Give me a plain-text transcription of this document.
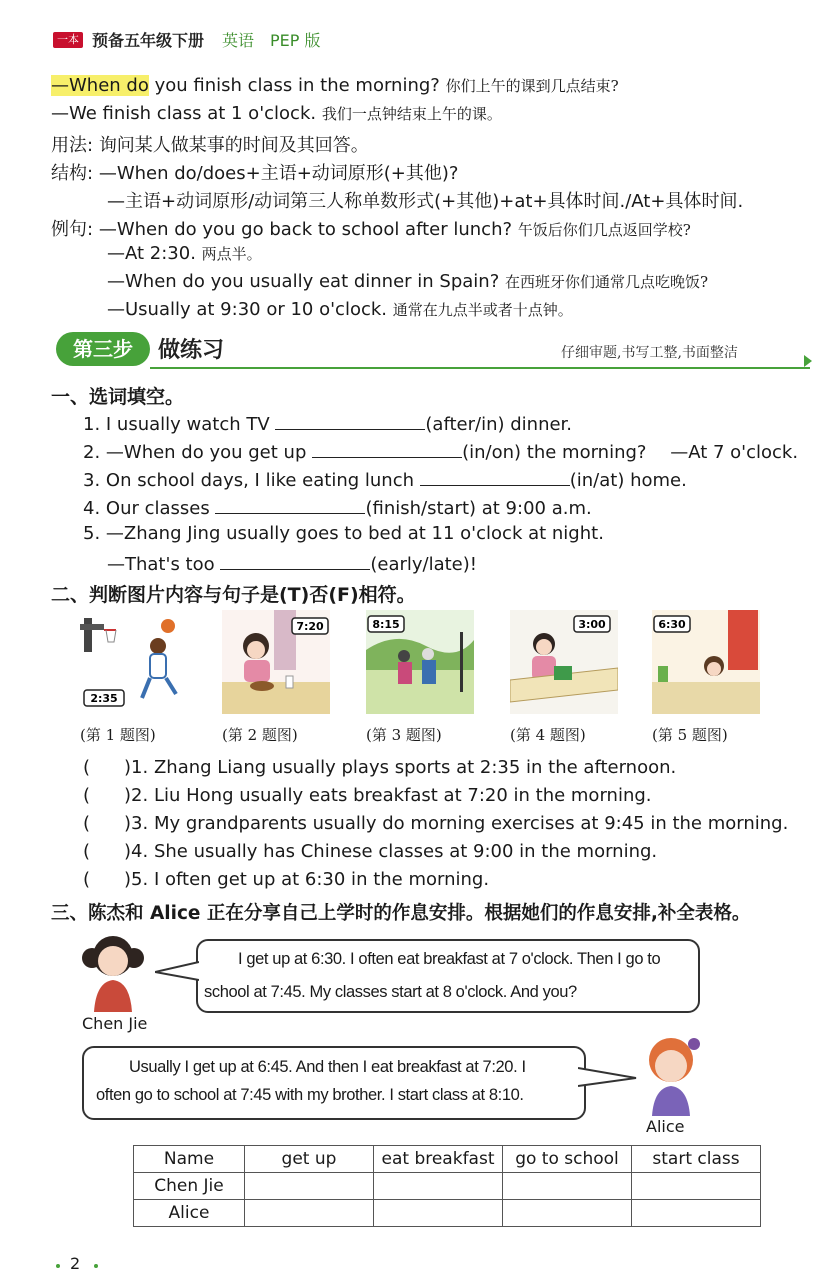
一本 预备五年级下册 英语 PEP 版
—When do you finish class in the morning? 你们上午的课到几点结束?
—We finish class at 1 o'clock. 我们一点钟结束上午的课。
用法: 询问某人做某事的时间及其回答。
结构: —When do/does+主语+动词原形(+其他)?
—主语+动词原形/动词第三人称单数形式(+其他)+at+具体时间./At+具体时间.
例句: —When do you go back to school after lunch? 午饭后你们几点返回学校?
—At 2:30. 两点半。
—When do you usually eat dinner in Spain? 在西班牙你们通常几点吃晚饭?
—Usually at 9:30 or 10 o'clock. 通常在九点半或者十点钟。
第三步	做练习	仔细审题,书写工整,书面整洁
一、选词填空。
1. I usually watch TV	(after/in) dinner.
2. —When do you get up	(in/on) the morning? —At 7 o'clock.
3. On school days, I like eating lunch	(in/at) home.
4. Our classes	(finish/start) at 9:00 a.m.
5. —Zhang Jing usually goes to bed at 11 o'clock at night.
—That's too	(early/late)!
二、判断图片内容与句子是(T)否(F)相符。
2:35
7:20	8:15	3:00	6:30
(第 1 题图)	(第 2 题图)	(第 3 题图)	(第 4 题图)	(第 5 题图)
( )1. Zhang Liang usually plays sports at 2:35 in the afternoon.
( )2. Liu Hong usually eats breakfast at 7:20 in the morning.
( )3. My grandparents usually do morning exercises at 9:45 in the morning.
( )4. She usually has Chinese classes at 9:00 in the morning.
( )5. I often get up at 6:30 in the morning.
三、陈杰和 Alice 正在分享自己上学时的作息安排。根据她们的作息安排,补全表格。
Chen Jie
I get up at 6:30. I often eat breakfast at 7 o'clock. Then I go to
school at 7:45. My classes start at 8 o'clock. And you?
Usually I get up at 6:45. And then I eat breakfast at 7:20. I
often go to school at 7:45 with my brother. I start class at 8:10.
Alice
Name	get up	eat breakfast	go to school	start class
Chen Jie				
Alice				
2
